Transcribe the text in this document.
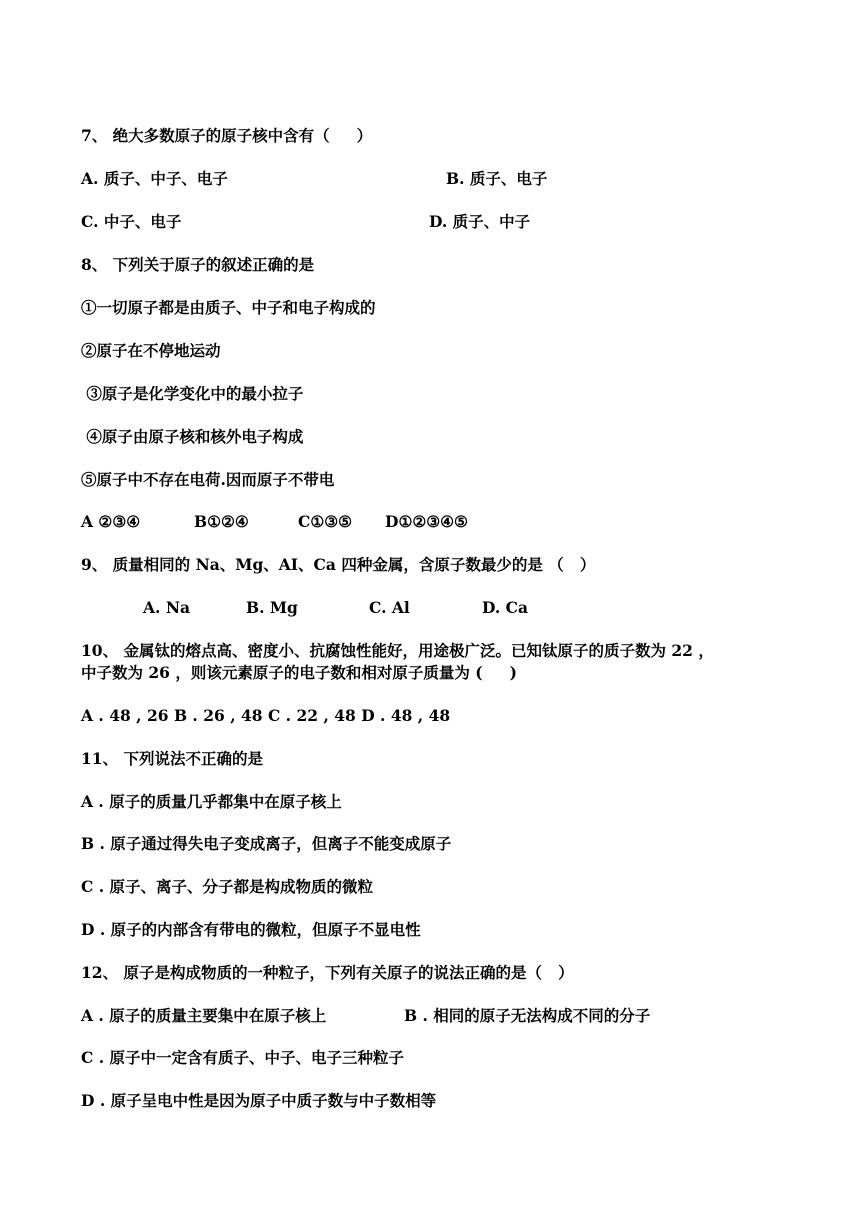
7、 绝大多数原子的原子核中含有（     ）
A. 质子、中子、电子	B. 质子、电子
C. 中子、电子	D. 质子、中子
8、 下列关于原子的叙述正确的是
①一切原子都是由质子、中子和电子构成的
②原子在不停地运动
③原子是化学变化中的最小拉子
④原子由原子核和核外电子构成
⑤原子中不存在电荷.因而原子不带电
A ②③④	B①②④	C①③⑤ D①②③④⑤
9、 质量相同的 Na、Mg、AI、Ca 四种金属，含原子数最少的是 （   ）
A. Na	B. Mg	C. Al	D. Ca
10、 金属钛的熔点高、密度小、抗腐蚀性能好，用途极广泛。已知钛原子的质子数为 22 ，
中子数为 26 ，则该元素原子的电子数和相对原子质量为 (     )
A . 48 , 26 B . 26 , 48 C . 22 , 48 D . 48 , 48
11、 下列说法不正确的是
A . 原子的质量几乎都集中在原子核上
B . 原子通过得失电子变成离子，但离子不能变成原子
C . 原子、离子、分子都是构成物质的微粒
D . 原子的内部含有带电的微粒，但原子不显电性
12、 原子是构成物质的一种粒子，下列有关原子的说法正确的是（   ）
A . 原子的质量主要集中在原子核上	B . 相同的原子无法构成不同的分子
C . 原子中一定含有质子、中子、电子三种粒子
D . 原子呈电中性是因为原子中质子数与中子数相等
